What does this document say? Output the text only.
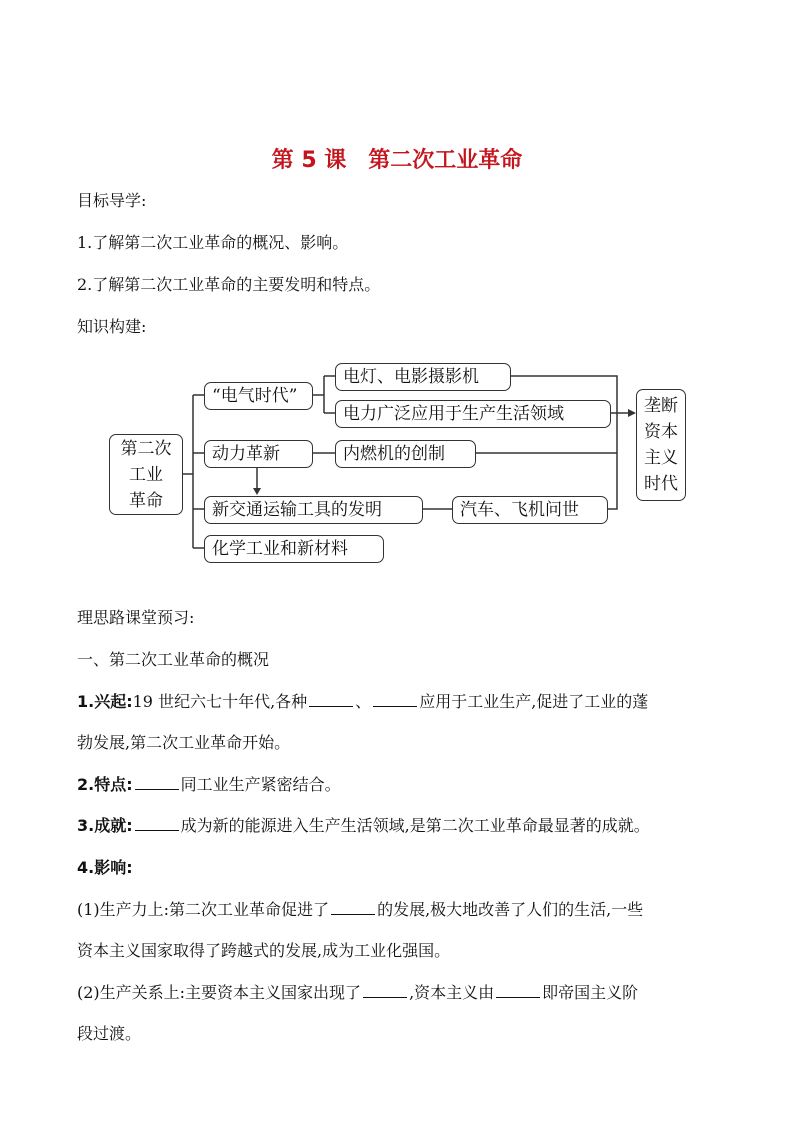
第 5 课　第二次工业革命
目标导学:
1.了解第二次工业革命的概况、影响。
2.了解第二次工业革命的主要发明和特点。
知识构建:
第二次
工业
革命
“电气时代”
动力革新
新交通运输工具的发明
化学工业和新材料
电灯、电影摄影机
电力广泛应用于生产生活领域
内燃机的创制
汽车、飞机问世
垄断
资本
主义
时代
理思路课堂预习:
一、第二次工业革命的概况
1.兴起:19 世纪六七十年代,各种	、	应用于工业生产,促进了工业的蓬
勃发展,第二次工业革命开始。
2.特点:	同工业生产紧密结合。
3.成就:	成为新的能源进入生产生活领域,是第二次工业革命最显著的成就。
4.影响:
(1)生产力上:第二次工业革命促进了	的发展,极大地改善了人们的生活,一些
资本主义国家取得了跨越式的发展,成为工业化强国。
(2)生产关系上:主要资本主义国家出现了	,资本主义由	即帝国主义阶
段过渡。
